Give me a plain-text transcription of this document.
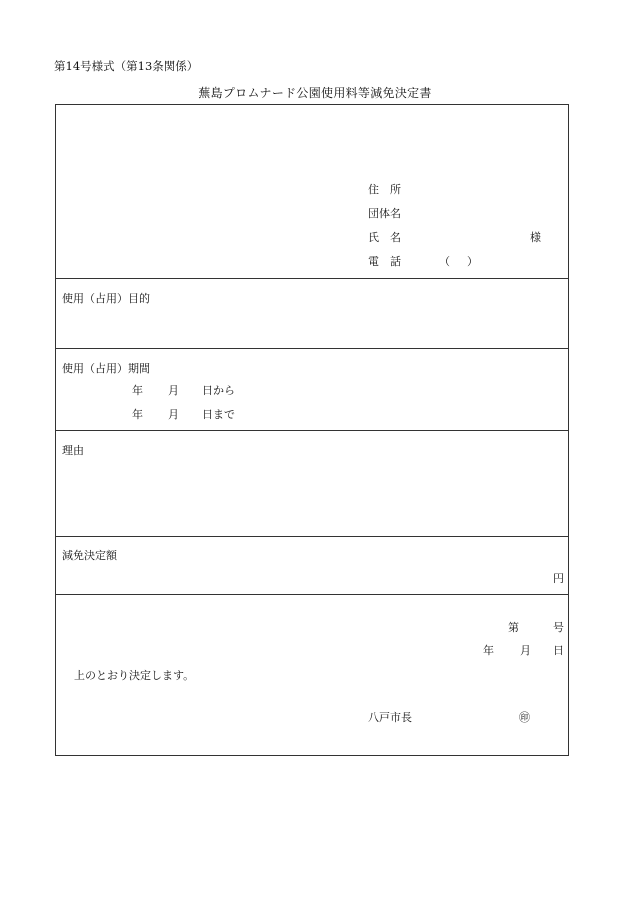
第14号様式（第13条関係）
蕪島プロムナード公園使用料等減免決定書
住　所
団体名
氏　名	様
電　話	（ ）
使用（占用）目的
使用（占用）期間
年 月 日から
年 月 日まで
理由
減免決定額
円
第	号
年 月 日
上のとおり決定します。
八戸市長	㊞
